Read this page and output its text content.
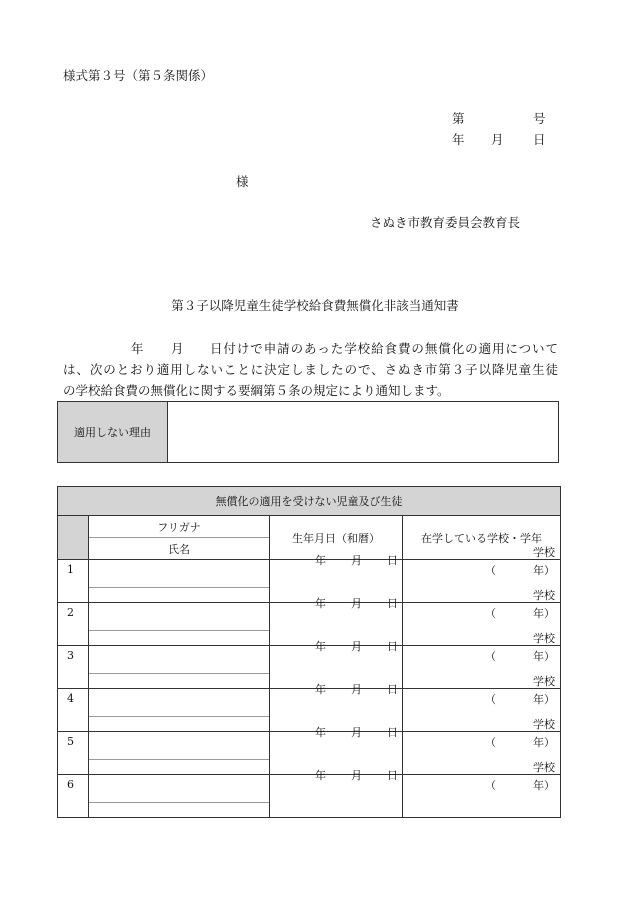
様式第３号（第５条関係）
第	号
年 月 日
様
さぬき市教育委員会教育長
第３子以降児童生徒学校給食費無償化非該当通知書
年 月 日付けで申請のあった学校給食費の無償化の適用について
は、次のとおり適用しないことに決定しましたので、さぬき市第３子以降児童生徒
の学校給食費の無償化に関する要綱第５条の規定により通知します。
適用しない理由
無償化の適用を受けない児童及び生徒			

フリガナ
氏名	生年月日（和暦）	在学している学校・学年
1		年 月 日	学校
（ 年）

2		年 月 日	学校
（ 年）

3		年 月 日	学校
（ 年）

4		年 月 日	学校
（ 年）

5		年 月 日	学校
（ 年）

6		年 月 日	学校
（ 年）
